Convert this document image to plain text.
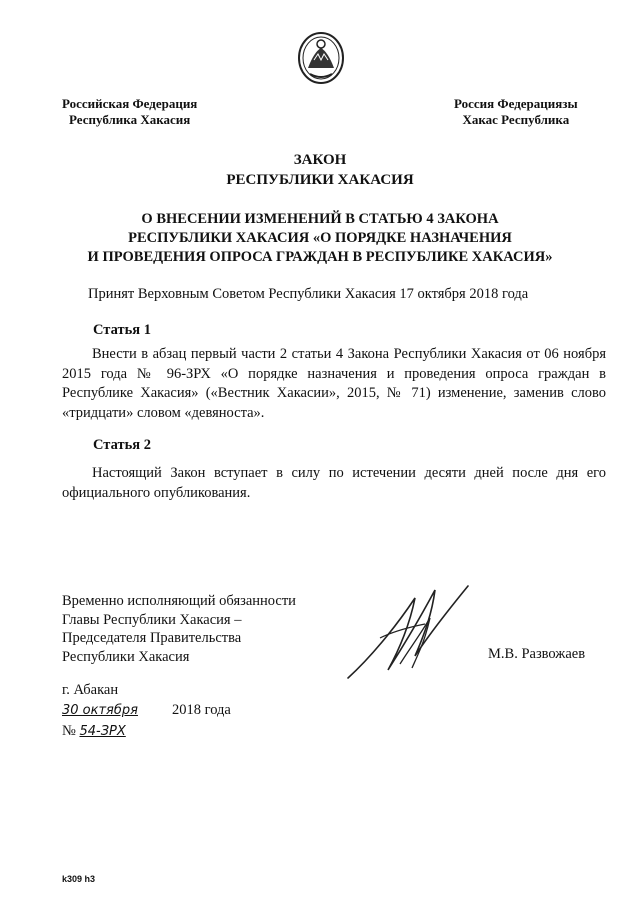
Российская Федерация
Республика Хакасия
Россия Федерациязы
Хакас Республика
ЗАКОН
РЕСПУБЛИКИ ХАКАСИЯ
О ВНЕСЕНИИ ИЗМЕНЕНИЙ В СТАТЬЮ 4 ЗАКОНА
РЕСПУБЛИКИ ХАКАСИЯ «О ПОРЯДКЕ НАЗНАЧЕНИЯ
И ПРОВЕДЕНИЯ ОПРОСА ГРАЖДАН В РЕСПУБЛИКЕ ХАКАСИЯ»
Принят Верховным Советом Республики Хакасия 17 октября 2018 года
Статья 1
Внести в абзац первый части 2 статьи 4 Закона Республики Хакасия от 06 ноября 2015 года № 96-ЗРХ «О порядке назначения и проведения опроса граждан в Республике Хакасия» («Вестник Хакасии», 2015, № 71) изменение, заменив слово «тридцати» словом «девяноста».
Статья 2
Настоящий Закон вступает в силу по истечении десяти дней после дня его официального опубликования.
Временно исполняющий обязанности
Главы Республики Хакасия –
Председателя Правительства
Республики Хакасия	М.В. Развожаев
г. Абакан
30 октября 2018 года
№ 54-ЗРХ
k309 h3
